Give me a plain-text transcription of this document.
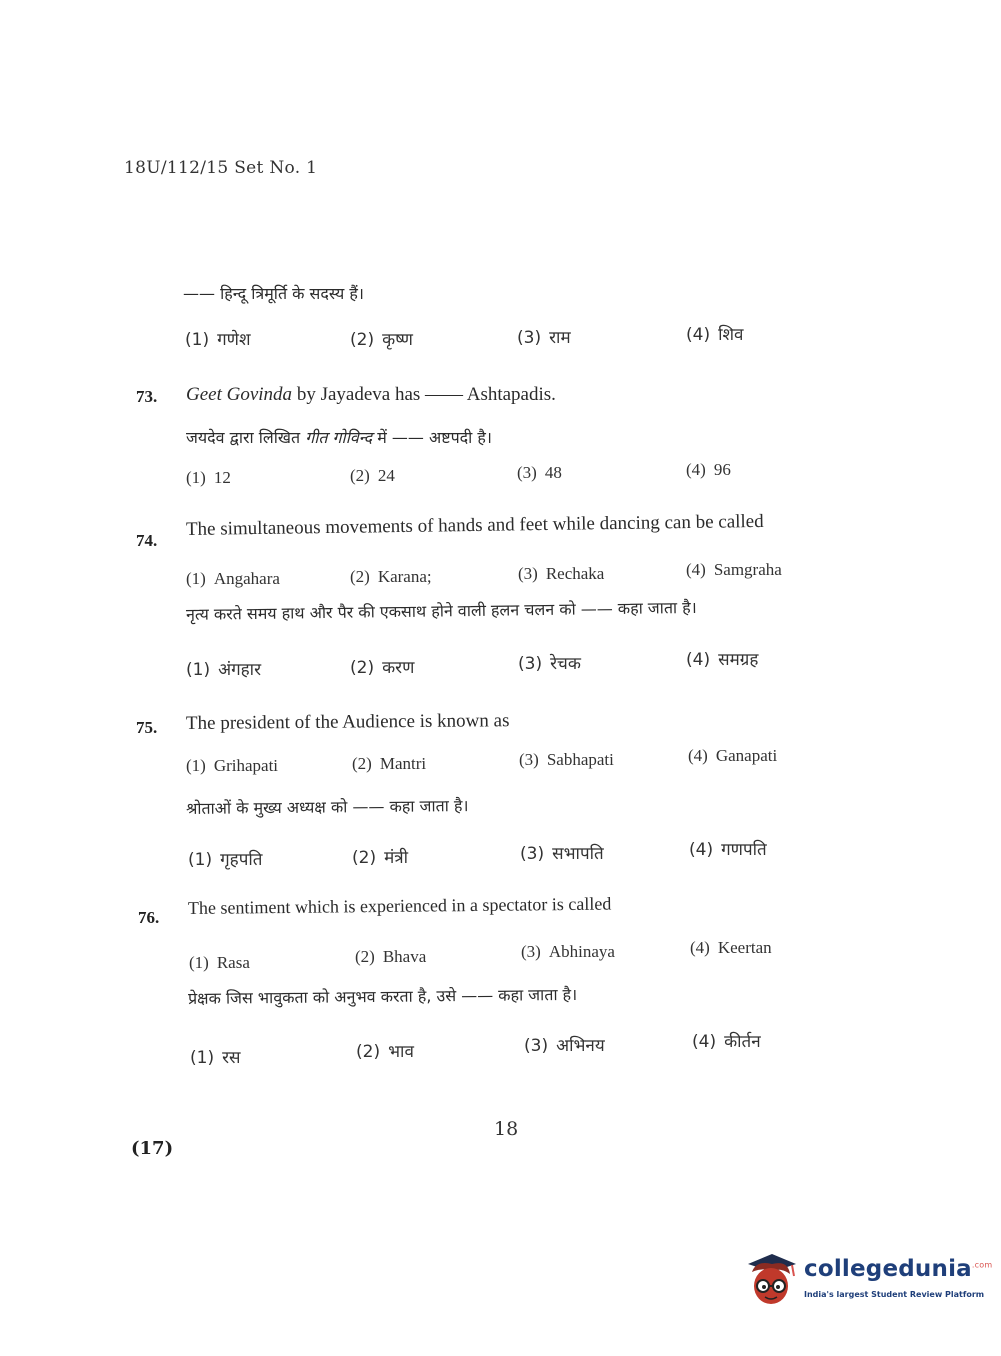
18U/112/15 Set No. 1
—— हिन्दू त्रिमूर्ति के सदस्य हैं।
(1) गणेश	(2) कृष्ण	(3) राम	(4) शिव
73. Geet Govinda by Jayadeva has —— Ashtapadis.
जयदेव द्वारा लिखित गीत गोविन्द में —— अष्टपदी है।
(1) 12	(2) 24	(3) 48	(4) 96
74.
The simultaneous movements of hands and feet while dancing can be called
(1) Angahara	(2) Karana;	(3) Rechaka	(4) Samgraha
नृत्य करते समय हाथ और पैर की एकसाथ होने वाली हलन चलन को —— कहा जाता है।
(1) अंगहार	(2) करण	(3) रेचक	(4) समग्रह
75. The president of the Audience is known as
(1) Grihapati	(2) Mantri	(3) Sabhapati	(4) Ganapati
श्रोताओं के मुख्य अध्यक्ष को —— कहा जाता है।
(1) गृहपति	(2) मंत्री	(3) सभापति	(4) गणपति
76. The sentiment which is experienced in a spectator is called
(1) Rasa	(2) Bhava	(3) Abhinaya	(4) Keertan
प्रेक्षक जिस भावुकता को अनुभव करता है, उसे —— कहा जाता है।
(1) रस	(2) भाव	(3) अभिनय	(4) कीर्तन
18
(17)
collegedunia$^{.com}$
India's largest Student Review Platform
